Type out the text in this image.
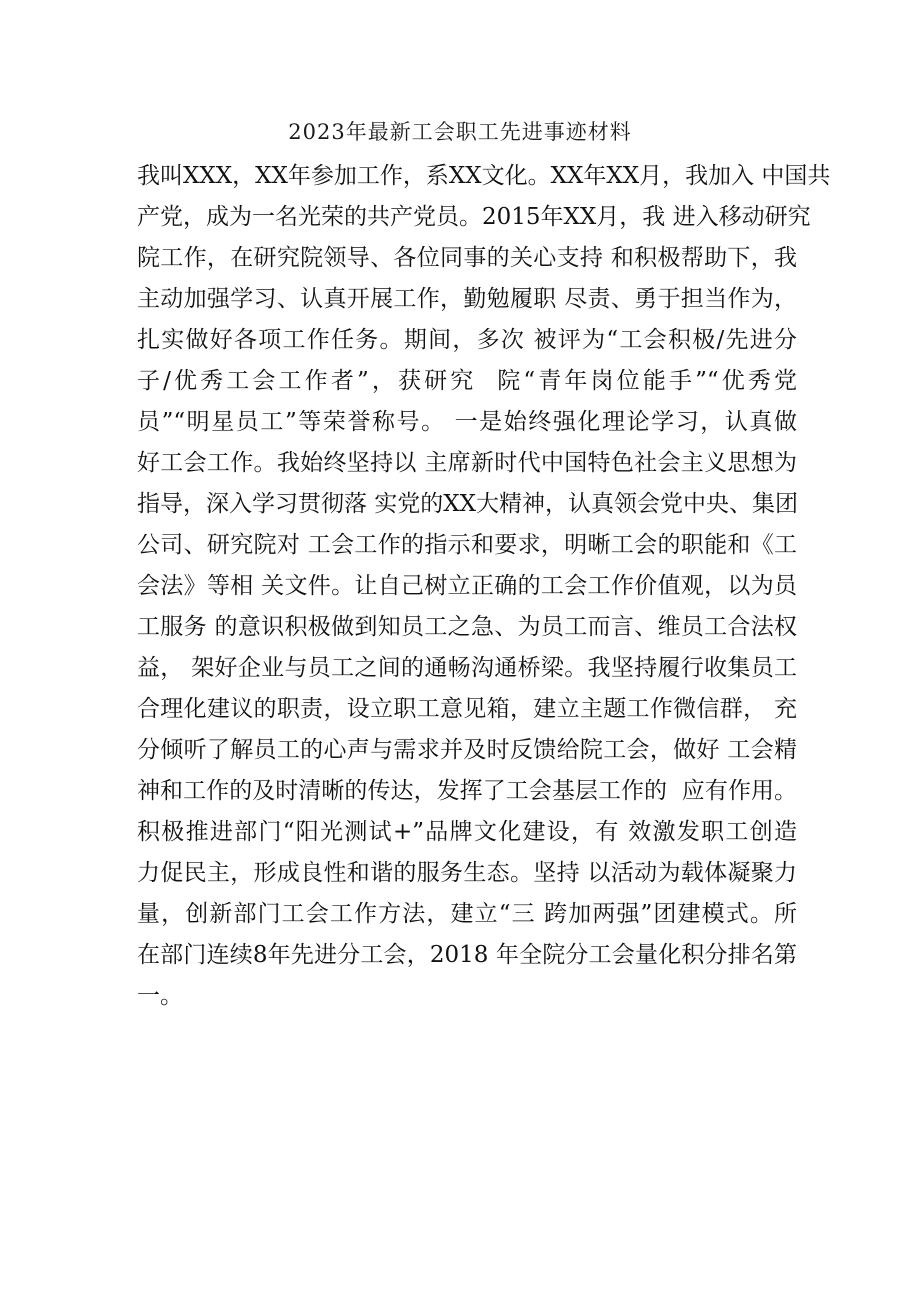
2023年最新工会职工先进事迹材料
我叫XXX，XX年参加工作，系XX文化。XX年XX月，我加入 中国共
产党，成为一名光荣的共产党员。2015年XX月，我 进入移动研究
院工作，在研究院领导、各位同事的关心支持 和积极帮助下，我
主动加强学习、认真开展工作，勤勉履职 尽责、勇于担当作为，
扎实做好各项工作任务。期间，多次 被评为“工会积极/先进分
子/优秀工会工作者”，获研究  院“青年岗位能手”“优秀党
员”“明星员工”等荣誉称号。 一是始终强化理论学习，认真做
好工会工作。我始终坚持以 主席新时代中国特色社会主义思想为
指导，深入学习贯彻落 实党的XX大精神，认真领会党中央、集团
公司、研究院对 工会工作的指示和要求，明晰工会的职能和《工
会法》等相 关文件。让自己树立正确的工会工作价值观，以为员
工服务 的意识积极做到知员工之急、为员工而言、维员工合法权
益， 架好企业与员工之间的通畅沟通桥梁。我坚持履行收集员工
合理化建议的职责，设立职工意见箱，建立主题工作微信群， 充
分倾听了解员工的心声与需求并及时反馈给院工会，做好 工会精
神和工作的及时清晰的传达，发挥了工会基层工作的  应有作用。
积极推进部门“阳光测试+”品牌文化建设，有 效激发职工创造
力促民主，形成良性和谐的服务生态。坚持 以活动为载体凝聚力
量，创新部门工会工作方法，建立“三 跨加两强”团建模式。所
在部门连续8年先进分工会，2018 年全院分工会量化积分排名第
一。
